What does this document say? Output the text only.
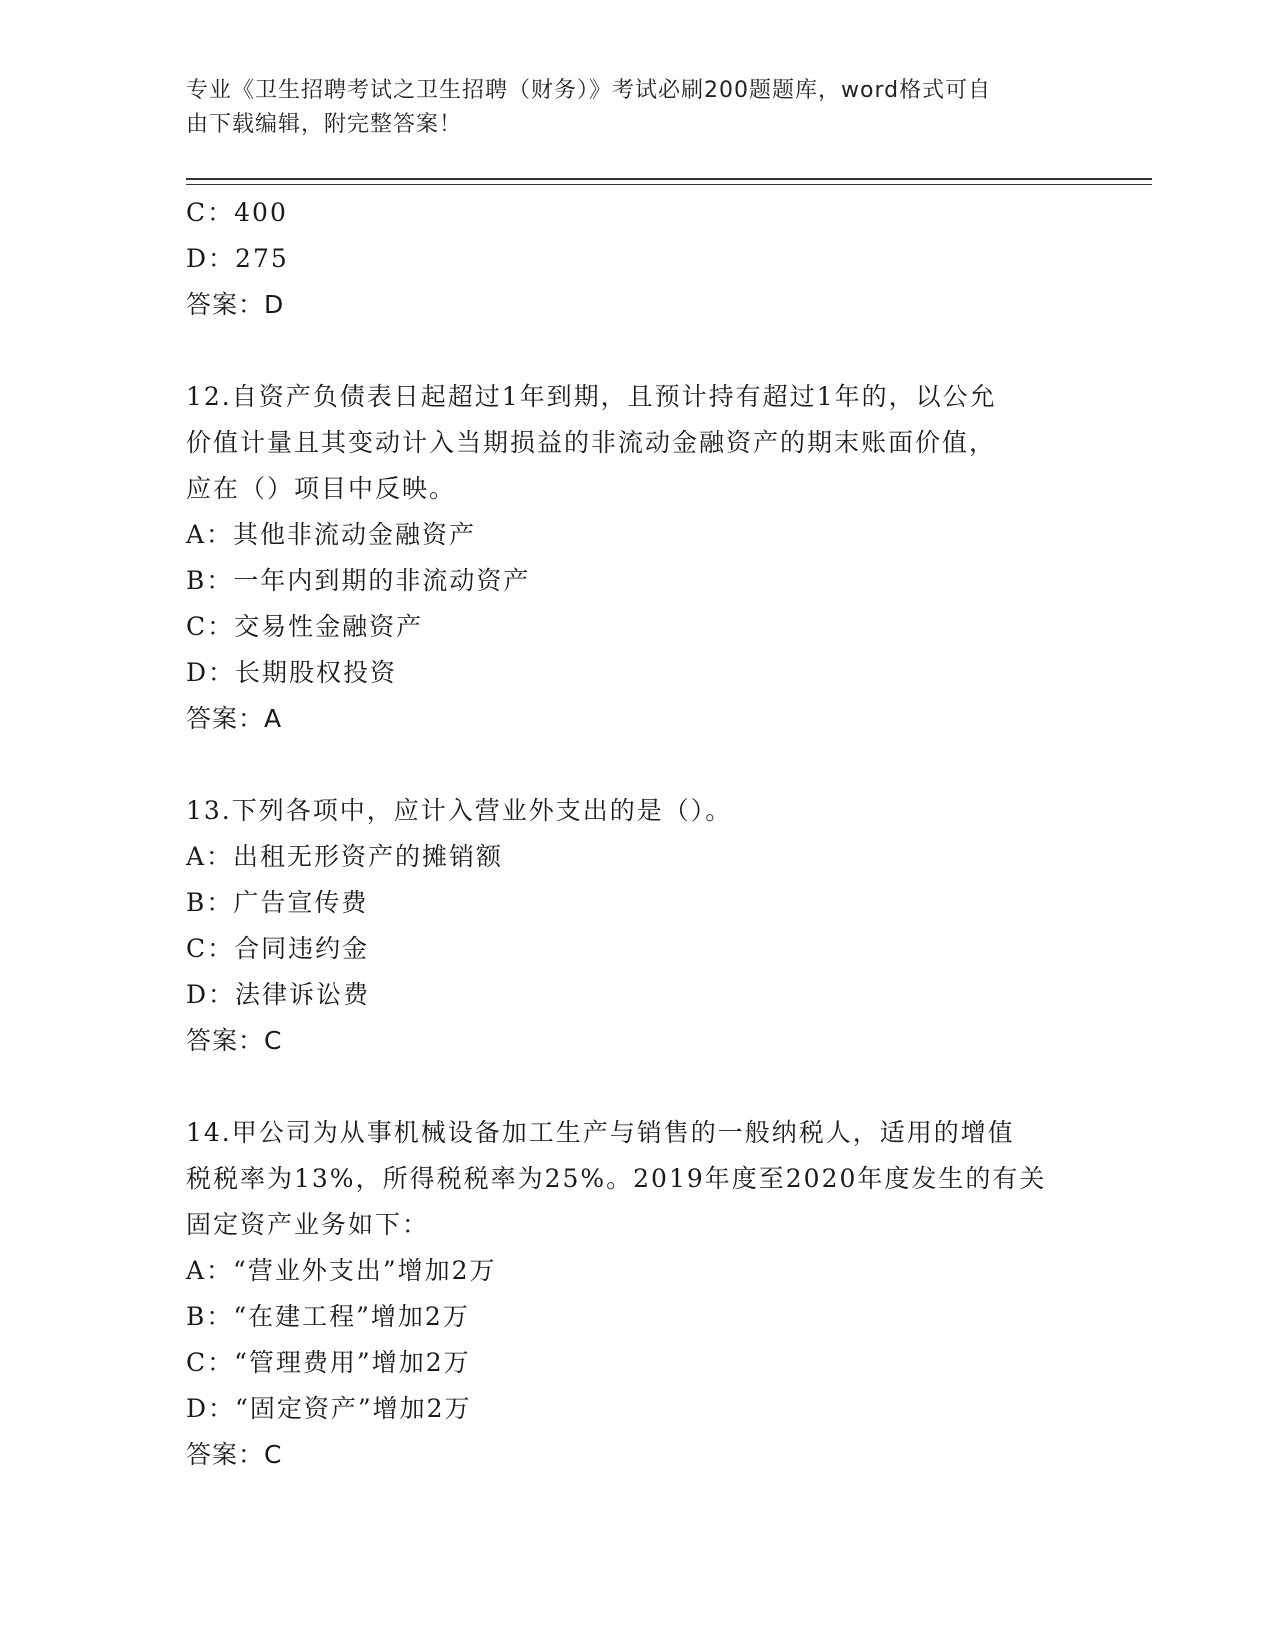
专业《卫生招聘考试之卫生招聘（财务）》考试必刷200题题库，word格式可自
由下载编辑，附完整答案！
C：400
D：275
答案：D
12.自资产负债表日起超过1年到期，且预计持有超过1年的，以公允
价值计量且其变动计入当期损益的非流动金融资产的期末账面价值，
应在（）项目中反映。
A：其他非流动金融资产
B：一年内到期的非流动资产
C：交易性金融资产
D：长期股权投资
答案：A
13.下列各项中，应计入营业外支出的是（）。
A：出租无形资产的摊销额
B：广告宣传费
C：合同违约金
D：法律诉讼费
答案：C
14.甲公司为从事机械设备加工生产与销售的一般纳税人，适用的增值
税税率为13%，所得税税率为25%。2019年度至2020年度发生的有关
固定资产业务如下：
A：“营业外支出”增加2万
B：“在建工程”增加2万
C：“管理费用”增加2万
D：“固定资产”增加2万
答案：C
